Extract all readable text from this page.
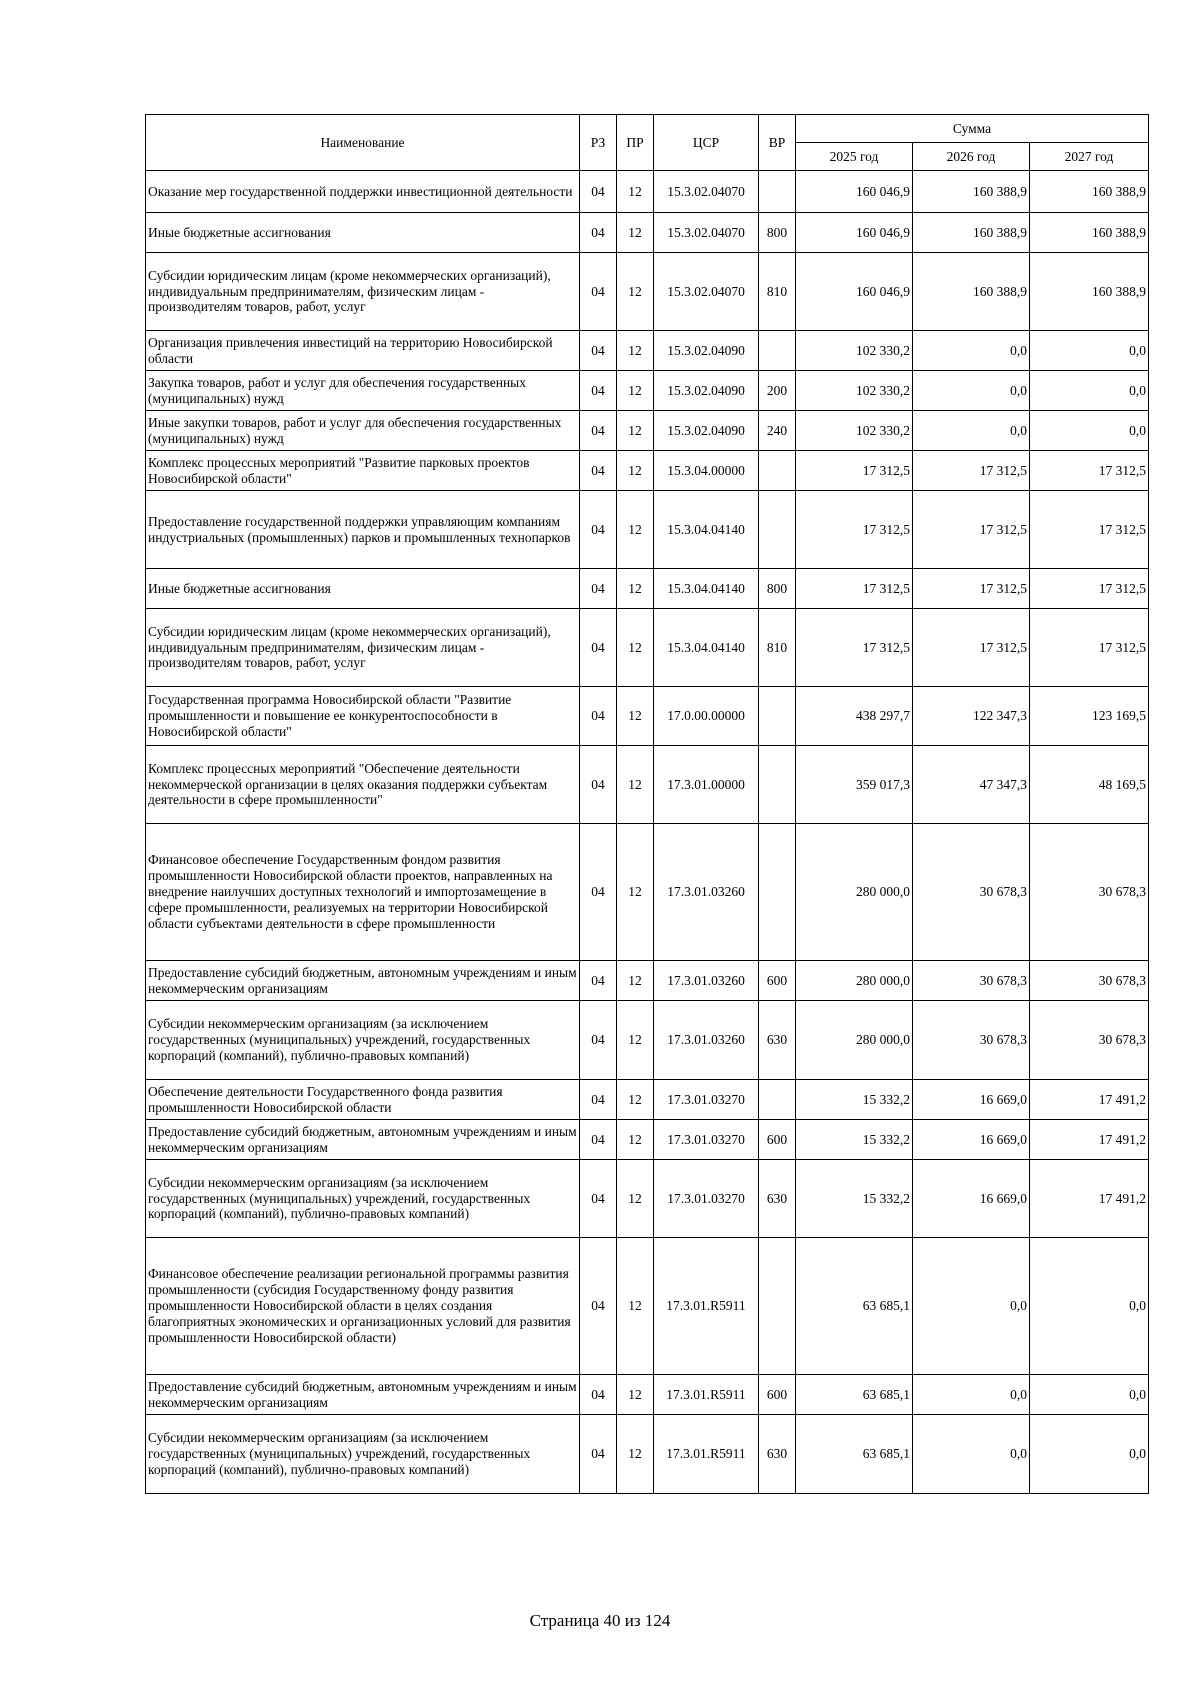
Наименование	РЗ	ПР	ЦСР	ВР	Сумма		
					2025 год	2026 год	2027 год
Оказание мер государственной поддержки инвестиционной деятельности	04	12	15.3.02.04070		160 046,9	160 388,9	160 388,9
Иные бюджетные ассигнования	04	12	15.3.02.04070	800	160 046,9	160 388,9	160 388,9
Субсидии юридическим лицам (кроме некоммерческих организаций), индивидуальным предпринимателям, физическим лицам - производителям товаров, работ, услуг	04	12	15.3.02.04070	810	160 046,9	160 388,9	160 388,9
Организация привлечения инвестиций на территорию Новосибирской области	04	12	15.3.02.04090		102 330,2	0,0	0,0
Закупка товаров, работ и услуг для обеспечения государственных (муниципальных) нужд	04	12	15.3.02.04090	200	102 330,2	0,0	0,0
Иные закупки товаров, работ и услуг для обеспечения государственных (муниципальных) нужд	04	12	15.3.02.04090	240	102 330,2	0,0	0,0
Комплекс процессных мероприятий "Развитие парковых проектов Новосибирской области"	04	12	15.3.04.00000		17 312,5	17 312,5	17 312,5
Предоставление государственной поддержки управляющим компаниям индустриальных (промышленных) парков и промышленных технопарков	04	12	15.3.04.04140		17 312,5	17 312,5	17 312,5
Иные бюджетные ассигнования	04	12	15.3.04.04140	800	17 312,5	17 312,5	17 312,5
Субсидии юридическим лицам (кроме некоммерческих организаций), индивидуальным предпринимателям, физическим лицам - производителям товаров, работ, услуг	04	12	15.3.04.04140	810	17 312,5	17 312,5	17 312,5
Государственная программа Новосибирской области "Развитие промышленности и повышение ее конкурентоспособности в Новосибирской области"	04	12	17.0.00.00000		438 297,7	122 347,3	123 169,5
Комплекс процессных мероприятий "Обеспечение деятельности некоммерческой организации в целях оказания поддержки субъектам деятельности в сфере промышленности"	04	12	17.3.01.00000		359 017,3	47 347,3	48 169,5
Финансовое обеспечение Государственным фондом развития промышленности Новосибирской области проектов, направленных на внедрение наилучших доступных технологий и импортозамещение в сфере промышленности, реализуемых на территории Новосибирской области субъектами деятельности в сфере промышленности	04	12	17.3.01.03260		280 000,0	30 678,3	30 678,3
Предоставление субсидий бюджетным, автономным учреждениям и иным некоммерческим организациям	04	12	17.3.01.03260	600	280 000,0	30 678,3	30 678,3
Субсидии некоммерческим организациям (за исключением государственных (муниципальных) учреждений, государственных корпораций (компаний), публично-правовых компаний)	04	12	17.3.01.03260	630	280 000,0	30 678,3	30 678,3
Обеспечение деятельности Государственного фонда развития промышленности Новосибирской области	04	12	17.3.01.03270		15 332,2	16 669,0	17 491,2
Предоставление субсидий бюджетным, автономным учреждениям и иным некоммерческим организациям	04	12	17.3.01.03270	600	15 332,2	16 669,0	17 491,2
Субсидии некоммерческим организациям (за исключением государственных (муниципальных) учреждений, государственных корпораций (компаний), публично-правовых компаний)	04	12	17.3.01.03270	630	15 332,2	16 669,0	17 491,2
Финансовое обеспечение реализации региональной программы развития промышленности (субсидия Государственному фонду развития промышленности Новосибирской области в целях создания благоприятных экономических и организационных условий для развития промышленности Новосибирской области)	04	12	17.3.01.R5911		63 685,1	0,0	0,0
Предоставление субсидий бюджетным, автономным учреждениям и иным некоммерческим организациям	04	12	17.3.01.R5911	600	63 685,1	0,0	0,0
Субсидии некоммерческим организациям (за исключением государственных (муниципальных) учреждений, государственных корпораций (компаний), публично-правовых компаний)	04	12	17.3.01.R5911	630	63 685,1	0,0	0,0
Страница 40 из 124
